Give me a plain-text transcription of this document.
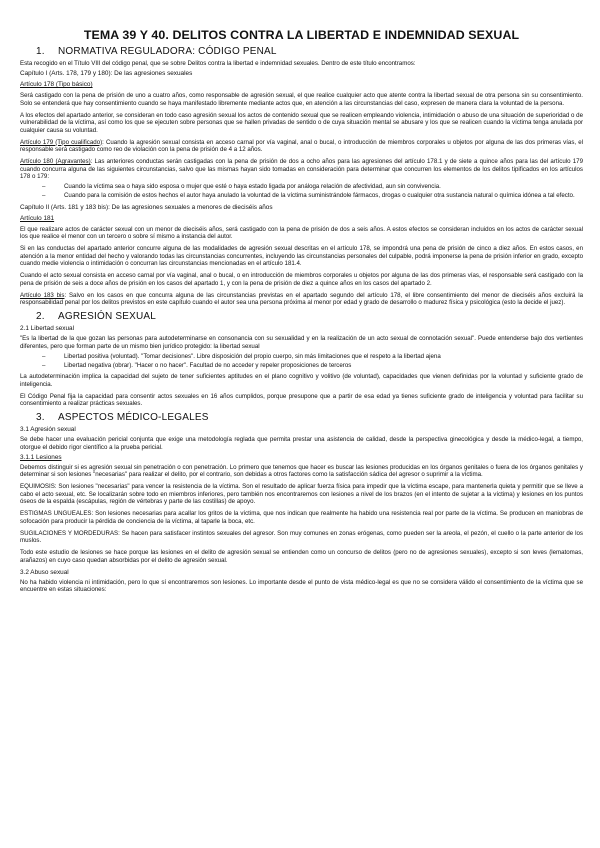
TEMA 39 Y 40. DELITOS CONTRA LA LIBERTAD E INDEMNIDAD SEXUAL
1. NORMATIVA REGULADORA: CÓDIGO PENAL
Esta recogido en el Título VIII del código penal, que se sobre Delitos contra la libertad e indemnidad sexuales. Dentro de este título encontramos:
Capítulo I (Arts. 178, 179 y 180): De las agresiones sexuales
Artículo 178 (Tipo básico)
Será castigado con la pena de prisión de uno a cuatro años, como responsable de agresión sexual, el que realice cualquier acto que atente contra la libertad sexual de otra persona sin su consentimiento. Solo se entenderá que hay consentimiento cuando se haya manifestado libremente mediante actos que, en atención a las circunstancias del caso, expresen de manera clara la voluntad de la persona.
A los efectos del apartado anterior, se consideran en todo caso agresión sexual los actos de contenido sexual que se realicen empleando violencia, intimidación o abuso de una situación de superioridad o de vulnerabilidad de la víctima, así como los que se ejecuten sobre personas que se hallen privadas de sentido o de cuya situación mental se abusare y los que se realicen cuando la víctima tenga anulada por cualquier causa su voluntad.
Artículo 179 (Tipo cualificado): Cuando la agresión sexual consista en acceso carnal por vía vaginal, anal o bucal, o introducción de miembros corporales u objetos por alguna de las dos primeras vías, el responsable será castigado como reo de violación con la pena de prisión de 4 a 12 años.
Artículo 180 (Agravantes): Las anteriores conductas serán castigadas con la pena de prisión de dos a ocho años para las agresiones del artículo 178.1 y de siete a quince años para las del artículo 179 cuando concurra alguna de las siguientes circunstancias, salvo que las mismas hayan sido tomadas en consideración para determinar que concurren los elementos de los delitos tipificados en los artículos 178 o 179:
–	Cuando la víctima sea o haya sido esposa o mujer que esté o haya estado ligada por análoga relación de afectividad, aun sin convivencia.
–	Cuando para la comisión de estos hechos el autor haya anulado la voluntad de la víctima suministrándole fármacos, drogas o cualquier otra sustancia natural o química idónea a tal efecto.
Capítulo II (Arts. 181 y 183 bis): De las agresiones sexuales a menores de dieciséis años
Artículo 181
El que realizare actos de carácter sexual con un menor de dieciséis años, será castigado con la pena de prisión de dos a seis años. A estos efectos se consideran incluidos en los actos de carácter sexual los que realice el menor con un tercero o sobre sí mismo a instancia del autor.
Si en las conductas del apartado anterior concurre alguna de las modalidades de agresión sexual descritas en el artículo 178, se impondrá una pena de prisión de cinco a diez años. En estos casos, en atención a la menor entidad del hecho y valorando todas las circunstancias concurrentes, incluyendo las circunstancias personales del culpable, podrá imponerse la pena de prisión inferior en grado, excepto cuando medie violencia o intimidación o concurran las circunstancias mencionadas en el artículo 181.4.
Cuando el acto sexual consista en acceso carnal por vía vaginal, anal o bucal, o en introducción de miembros corporales u objetos por alguna de las dos primeras vías, el responsable será castigado con la pena de prisión de seis a doce años de prisión en los casos del apartado 1, y con la pena de prisión de diez a quince años en los casos del apartado 2.
Artículo 183 bis: Salvo en los casos en que concurra alguna de las circunstancias previstas en el apartado segundo del artículo 178, el libre consentimiento del menor de dieciséis años excluirá la responsabilidad penal por los delitos previstos en este capítulo cuando el autor sea una persona próxima al menor por edad y grado de desarrollo o madurez física y psicológica (esto la decide el juez).
2. AGRESIÓN SEXUAL
2.1 Libertad sexual
"Es la libertad de la que gozan las personas para autodeterminarse en consonancia con su sexualidad y en la realización de un acto sexual de connotación sexual". Puede entenderse bajo dos vertientes diferentes, pero que forman parte de un mismo bien jurídico protegido: la libertad sexual
–	Libertad positiva (voluntad). "Tomar decisiones". Libre disposición del propio cuerpo, sin más limitaciones que el respeto a la libertad ajena
–	Libertad negativa (obrar). "Hacer o no hacer". Facultad de no acceder y repeler proposiciones de terceros
La autodeterminación implica la capacidad del sujeto de tener suficientes aptitudes en el plano cognitivo y volitivo (de voluntad), capacidades que vienen definidas por la voluntad y suficiente grado de inteligencia.
El Código Penal fija la capacidad para consentir actos sexuales en 16 años cumplidos, porque presupone que a partir de esa edad ya tienes suficiente grado de inteligencia y voluntad para facilitar su consentimiento a realizar prácticas sexuales.
3. ASPECTOS MÉDICO-LEGALES
3.1 Agresión sexual
Se debe hacer una evaluación pericial conjunta que exige una metodología reglada que permita prestar una asistencia de calidad, desde la perspectiva ginecológica y desde la médico-legal, a tiempo, otorgue el debido rigor científico a la prueba pericial.
3.1.1 Lesiones
Debemos distinguir si es agresión sexual sin penetración o con penetración. Lo primero que tenemos que hacer es buscar las lesiones producidas en los órganos genitales o fuera de los órganos genitales y determinar si son lesiones "necesarias" para realizar el delito, por el contrario, son debidas a otros factores como la satisfacción sádica del agresor o suprimir a la víctima.
EQUIMOSIS: Son lesiones "necesarias" para vencer la resistencia de la víctima. Son el resultado de aplicar fuerza física para impedir que la víctima escape, para mantenerla quieta y permitir que se lleve a cabo el acto sexual, etc. Se localizarán sobre todo en miembros inferiores, pero también nos encontraremos con lesiones a nivel de los brazos (en el intento de sujetar a la víctima) y lesiones en los puntos óseos de la espalda (escápulas, región de vértebras y parte de las costillas) de apoyo.
ESTIGMAS UNGUEALES: Son lesiones necesarias para acallar los gritos de la víctima, que nos indican que realmente ha habido una resistencia real por parte de la víctima. Se producen en maniobras de sofocación para producir la pérdida de conciencia de la víctima, al taparle la boca, etc.
SUGILACIONES Y MORDEDURAS: Se hacen para satisfacer instintos sexuales del agresor. Son muy comunes en zonas erógenas, como pueden ser la areola, el pezón, el cuello o la parte anterior de los muslos.
Todo este estudio de lesiones se hace porque las lesiones en el delito de agresión sexual se entienden como un concurso de delitos (pero no de agresiones sexuales), excepto si son leves (lematomas, arañazos) en cuyo caso quedan absorbidas por el delito de agresión sexual.
3.2 Abuso sexual
No ha habido violencia ni intimidación, pero lo que sí encontraremos son lesiones. Lo importante desde el punto de vista médico-legal es que no se considera válido el consentimiento de la víctima que se encuentre en estas situaciones:
